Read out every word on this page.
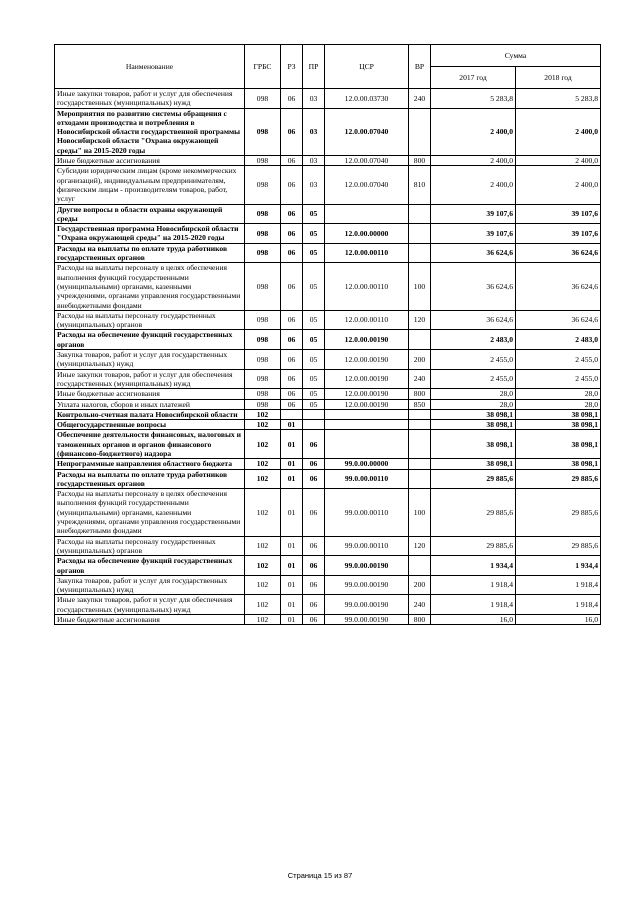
Наименование	ГРБС	РЗ	ПР	ЦСР	ВР	Сумма	
						2017 год	2018 год
Иные закупки товаров, работ и услуг для обеспечения государственных (муниципальных) нужд	098	06	03	12.0.00.03730	240	5 283,8	5 283,8
Мероприятия по развитию системы обращения с отходами производства и потребления в Новосибирской области государственной программы Новосибирской области "Охрана окружающей среды" на 2015-2020 годы	098	06	03	12.0.00.07040		2 400,0	2 400,0
Иные бюджетные ассигнования	098	06	03	12.0.00.07040	800	2 400,0	2 400,0
Субсидии юридическим лицам (кроме некоммерческих организаций), индивидуальным предпринимателям, физическим лицам - производителям товаров, работ, услуг	098	06	03	12.0.00.07040	810	2 400,0	2 400,0
Другие вопросы в области охраны окружающей среды	098	06	05			39 107,6	39 107,6
Государственная программа Новосибирской области "Охрана окружающей среды" на 2015-2020 годы	098	06	05	12.0.00.00000		39 107,6	39 107,6
Расходы на выплаты по оплате труда работников государственных органов	098	06	05	12.0.00.00110		36 624,6	36 624,6
Расходы на выплаты персоналу в целях обеспечения выполнения функций государственными (муниципальными) органами, казенными учреждениями, органами управления государственными внебюджетными фондами	098	06	05	12.0.00.00110	100	36 624,6	36 624,6
Расходы на выплаты персоналу государственных (муниципальных) органов	098	06	05	12.0.00.00110	120	36 624,6	36 624,6
Расходы на обеспечение функций государственных органов	098	06	05	12.0.00.00190		2 483,0	2 483,0
Закупка товаров, работ и услуг для государственных (муниципальных) нужд	098	06	05	12.0.00.00190	200	2 455,0	2 455,0
Иные закупки товаров, работ и услуг для обеспечения государственных (муниципальных) нужд	098	06	05	12.0.00.00190	240	2 455,0	2 455,0
Иные бюджетные ассигнования	098	06	05	12.0.00.00190	800	28,0	28,0
Уплата налогов, сборов и иных платежей	098	06	05	12.0.00.00190	850	28,0	28,0
Контрольно-счетная палата Новосибирской области	102					38 098,1	38 098,1
Общегосударственные вопросы	102	01				38 098,1	38 098,1
Обеспечение деятельности финансовых, налоговых и таможенных органов и органов финансового (финансово-бюджетного) надзора	102	01	06			38 098,1	38 098,1
Непрограммные направления областного бюджета	102	01	06	99.0.00.00000		38 098,1	38 098,1
Расходы на выплаты по оплате труда работников государственных органов	102	01	06	99.0.00.00110		29 885,6	29 885,6
Расходы на выплаты персоналу в целях обеспечения выполнения функций государственными (муниципальными) органами, казенными учреждениями, органами управления государственными внебюджетными фондами	102	01	06	99.0.00.00110	100	29 885,6	29 885,6
Расходы на выплаты персоналу государственных (муниципальных) органов	102	01	06	99.0.00.00110	120	29 885,6	29 885,6
Расходы на обеспечение функций государственных органов	102	01	06	99.0.00.00190		1 934,4	1 934,4
Закупка товаров, работ и услуг для государственных (муниципальных) нужд	102	01	06	99.0.00.00190	200	1 918,4	1 918,4
Иные закупки товаров, работ и услуг для обеспечения государственных (муниципальных) нужд	102	01	06	99.0.00.00190	240	1 918,4	1 918,4
Иные бюджетные ассигнования	102	01	06	99.0.00.00190	800	16,0	16,0
Страница 15 из 87
